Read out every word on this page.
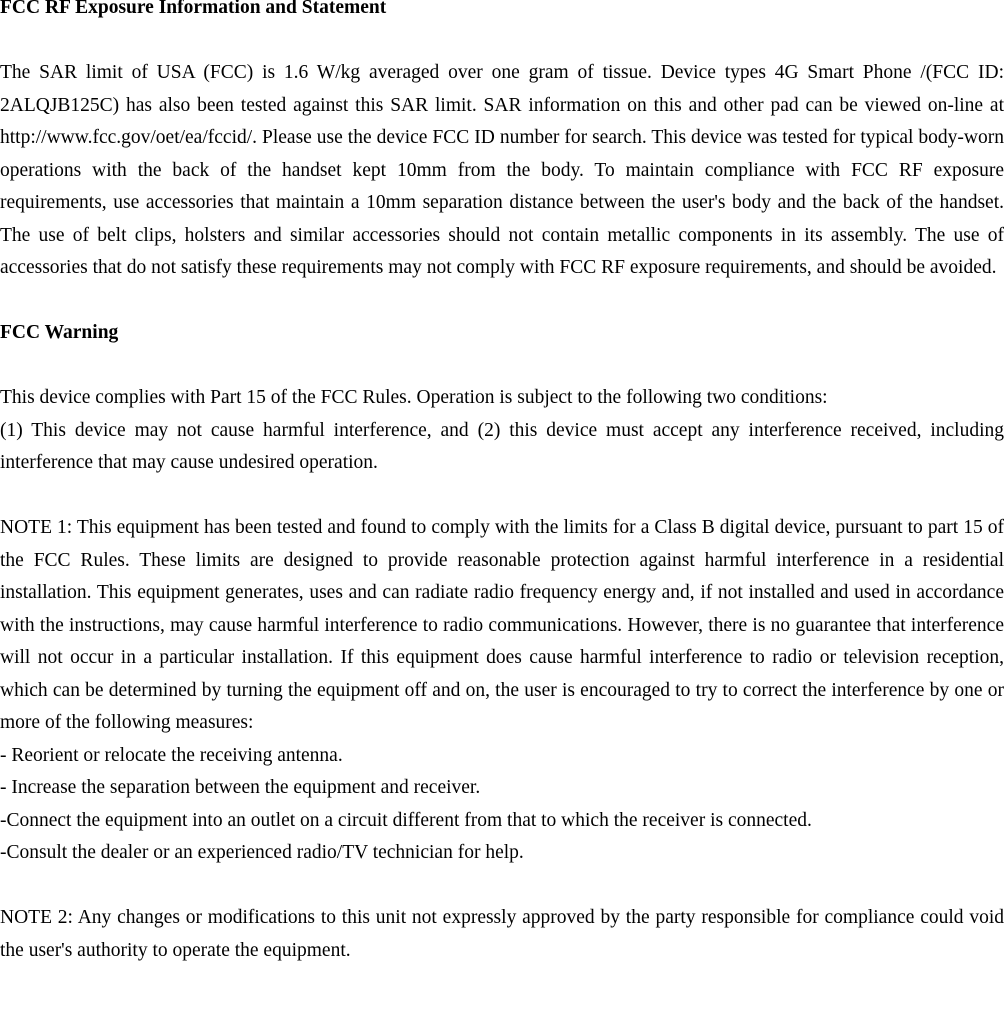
FCC RF Exposure Information and Statement

The SAR limit of USA (FCC) is 1.6 W/kg averaged over one gram of tissue. Device types 4G Smart Phone /(FCC ID: 2ALQJB125C) has also been tested against this SAR limit. SAR information on this and other pad can be viewed on‐line at http://www.fcc.gov/oet/ea/fccid/. Please use the device FCC ID number for search. This device was tested for typical body-worn operations with the back of the handset kept 10mm from the body. To maintain compliance with FCC RF exposure requirements, use accessories that maintain a 10mm separation distance between the user's body and the back of the handset. The use of belt clips, holsters and similar accessories should not contain metallic components in its assembly. The use of accessories that do not satisfy these requirements may not comply with FCC RF exposure requirements, and should be avoided.

FCC Warning

This device complies with Part 15 of the FCC Rules. Operation is subject to the following two conditions:

(1) This device may not cause harmful interference, and (2) this device must accept any interference received, including interference that may cause undesired operation.

NOTE 1: This equipment has been tested and found to comply with the limits for a Class B digital device, pursuant to part 15 of the FCC Rules. These limits are designed to provide reasonable protection against harmful interference in a residential installation. This equipment generates, uses and can radiate radio frequency energy and, if not installed and used in accordance with the instructions, may cause harmful interference to radio communications. However, there is no guarantee that interference will not occur in a particular installation. If this equipment does cause harmful interference to radio or television reception, which can be determined by turning the equipment off and on, the user is encouraged to try to correct the interference by one or more of the following measures:

- Reorient or relocate the receiving antenna.

- Increase the separation between the equipment and receiver.

-Connect the equipment into an outlet on a circuit different from that to which the receiver is connected.

-Consult the dealer or an experienced radio/TV technician for help.

NOTE 2: Any changes or modifications to this unit not expressly approved by the party responsible for compliance could void the user's authority to operate the equipment.
